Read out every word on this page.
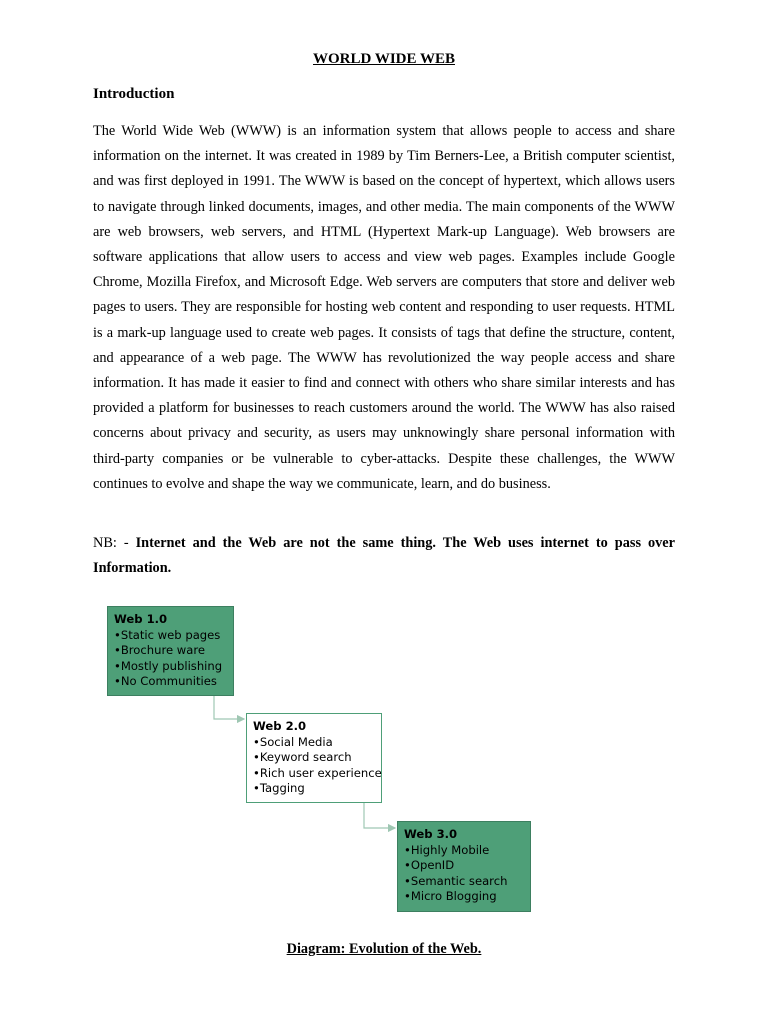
WORLD WIDE WEB
Introduction

The World Wide Web (WWW) is an information system that allows people to access and share information on the internet. It was created in 1989 by Tim Berners-Lee, a British computer scientist, and was first deployed in 1991. The WWW is based on the concept of hypertext, which allows users to navigate through linked documents, images, and other media. The main components of the WWW are web browsers, web servers, and HTML (Hypertext Mark-up Language). Web browsers are software applications that allow users to access and view web pages. Examples include Google Chrome, Mozilla Firefox, and Microsoft Edge. Web servers are computers that store and deliver web pages to users. They are responsible for hosting web content and responding to user requests. HTML is a mark-up language used to create web pages. It consists of tags that define the structure, content, and appearance of a web page. The WWW has revolutionized the way people access and share information. It has made it easier to find and connect with others who share similar interests and has provided a platform for businesses to reach customers around the world. The WWW has also raised concerns about privacy and security, as users may unknowingly share personal information with third-party companies or be vulnerable to cyber-attacks. Despite these challenges, the WWW continues to evolve and shape the way we communicate, learn, and do business.

NB: - Internet and the Web are not the same thing. The Web uses internet to pass over Information.
Web 1.0
•Static web pages
•Brochure ware
•Mostly publishing
•No Communities
Web 2.0
•Social Media
•Keyword search
•Rich user experience
•Tagging
Web 3.0
•Highly Mobile
•OpenID
•Semantic search
•Micro Blogging
Diagram: Evolution of the Web.
